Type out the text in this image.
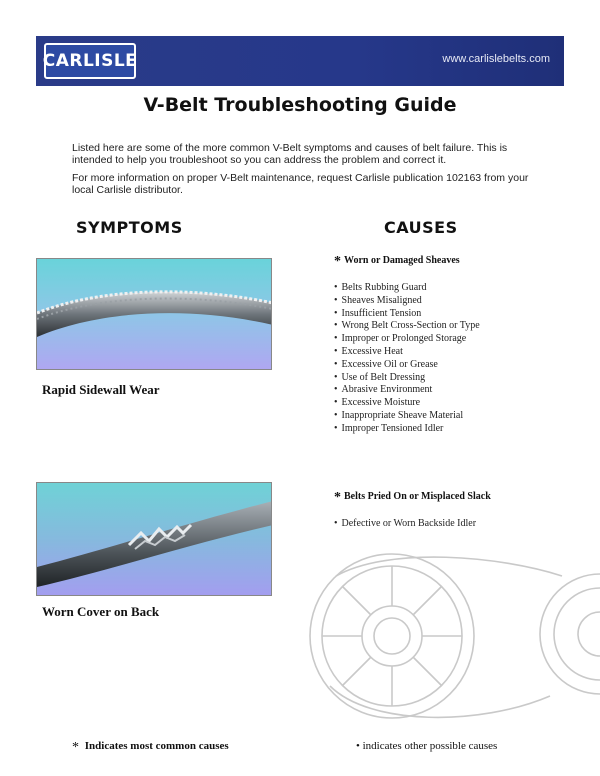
CARLISLE	www.carlislebelts.com
V-Belt Troubleshooting Guide

Listed here are some of the more common V-Belt symptoms and causes of belt failure. This is intended to help you troubleshoot so you can address the problem and correct it.

For more information on proper V-Belt maintenance, request Carlisle publication 102163 from your local Carlisle distributor.

SYMPTOMS	CAUSES
Rapid Sidewall Wear
Worn Cover on Back
* Worn or Damaged Sheaves
• Belts Rubbing Guard
• Sheaves Misaligned
• Insufficient Tension
• Wrong Belt Cross-Section or Type
• Improper or Prolonged Storage
• Excessive Heat
• Excessive Oil or Grease
• Use of Belt Dressing
• Abrasive Environment
• Excessive Moisture
• Inappropriate Sheave Material
• Improper Tensioned Idler
* Belts Pried On or Misplaced Slack
• Defective or Worn Backside Idler
* Indicates most common causes	• indicates other possible causes
